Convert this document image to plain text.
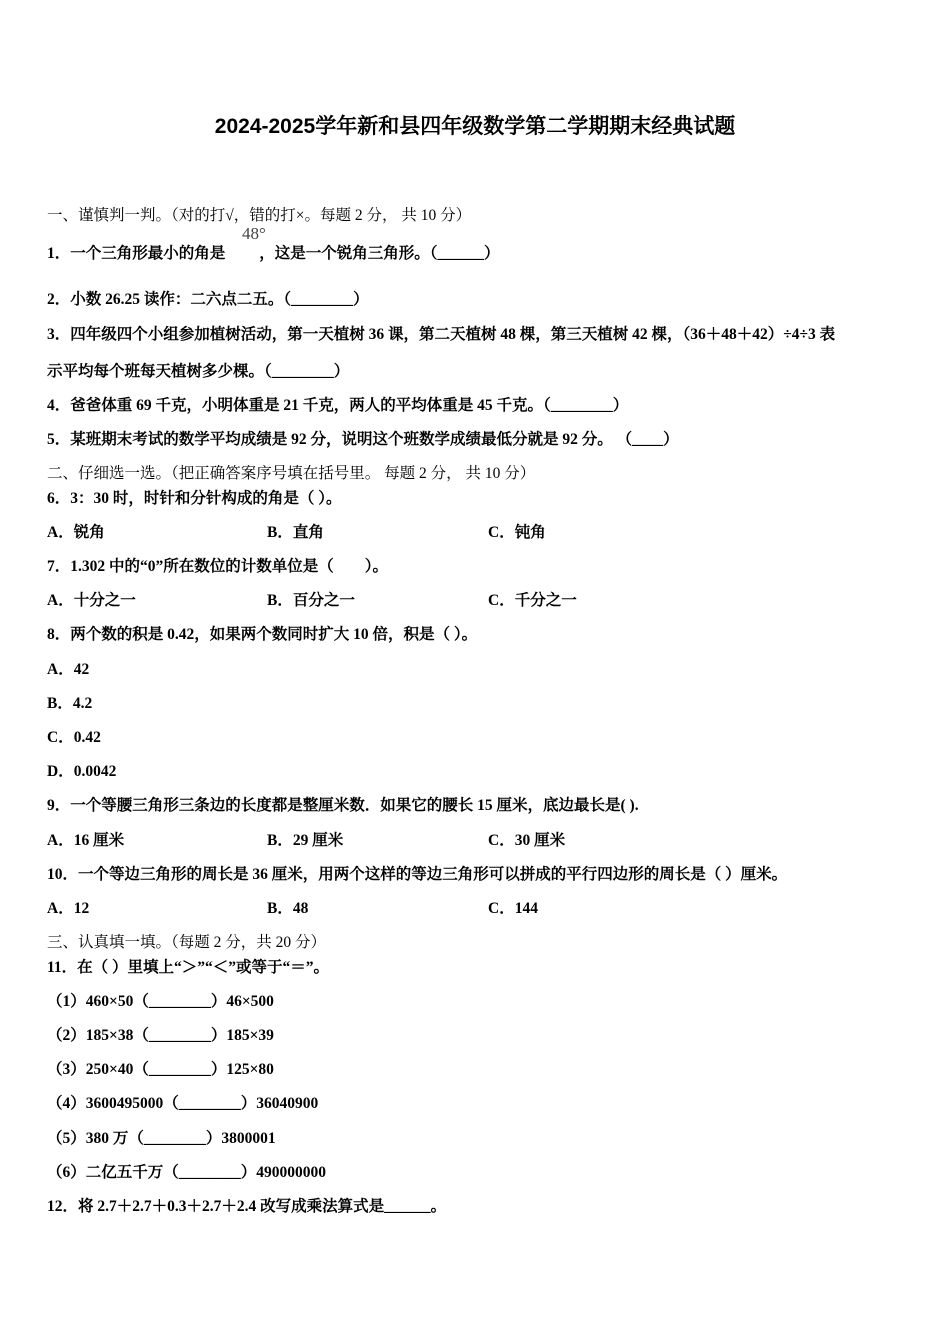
2024-2025学年新和县四年级数学第二学期期末经典试题
一、谨慎判一判。（对的打√，错的打×。每题 2 分， 共 10 分）
1．一个三角形最小的角是 ，这是一个锐角三角形。（______）
48°
2．小数 26.25 读作：二六点二五。（________）
3．四年级四个小组参加植树活动，第一天植树 36 课，第二天植树 48 棵，第三天植树 42 棵，（36＋48＋42）÷4÷3 表
示平均每个班每天植树多少棵。（________）
4．爸爸体重 69 千克，小明体重是 21 千克，两人的平均体重是 45 千克。（________）
5．某班期末考试的数学平均成绩是 92 分，说明这个班数学成绩最低分就是 92 分。 （____）
二、仔细选一选。（把正确答案序号填在括号里。 每题 2 分， 共 10 分）
6．3：30 时，时针和分针构成的角是（ ）。
A．锐角	B．直角	C．钝角
7．1.302 中的“0”所在数位的计数单位是（　　）。
A．十分之一	B．百分之一	C．千分之一
8．两个数的积是 0.42，如果两个数同时扩大 10 倍，积是（ ）。
A．42
B．4.2
C．0.42
D．0.0042
9．一个等腰三角形三条边的长度都是整厘米数．如果它的腰长 15 厘米，底边最长是( ).
A．16 厘米	B．29 厘米	C．30 厘米
10．一个等边三角形的周长是 36 厘米，用两个这样的等边三角形可以拼成的平行四边形的周长是（ ）厘米。
A．12	B．48	C．144
三、认真填一填。（每题 2 分，共 20 分）
11．在（ ）里填上“＞”“＜”或等于“＝”。
（1）460×50（________）46×500
（2）185×38（________）185×39
（3）250×40（________）125×80
（4）3600495000（________）36040900
（5）380 万（________）3800001
（6）二亿五千万（________）490000000
12．将 2.7＋2.7＋0.3＋2.7＋2.4 改写成乘法算式是______。
